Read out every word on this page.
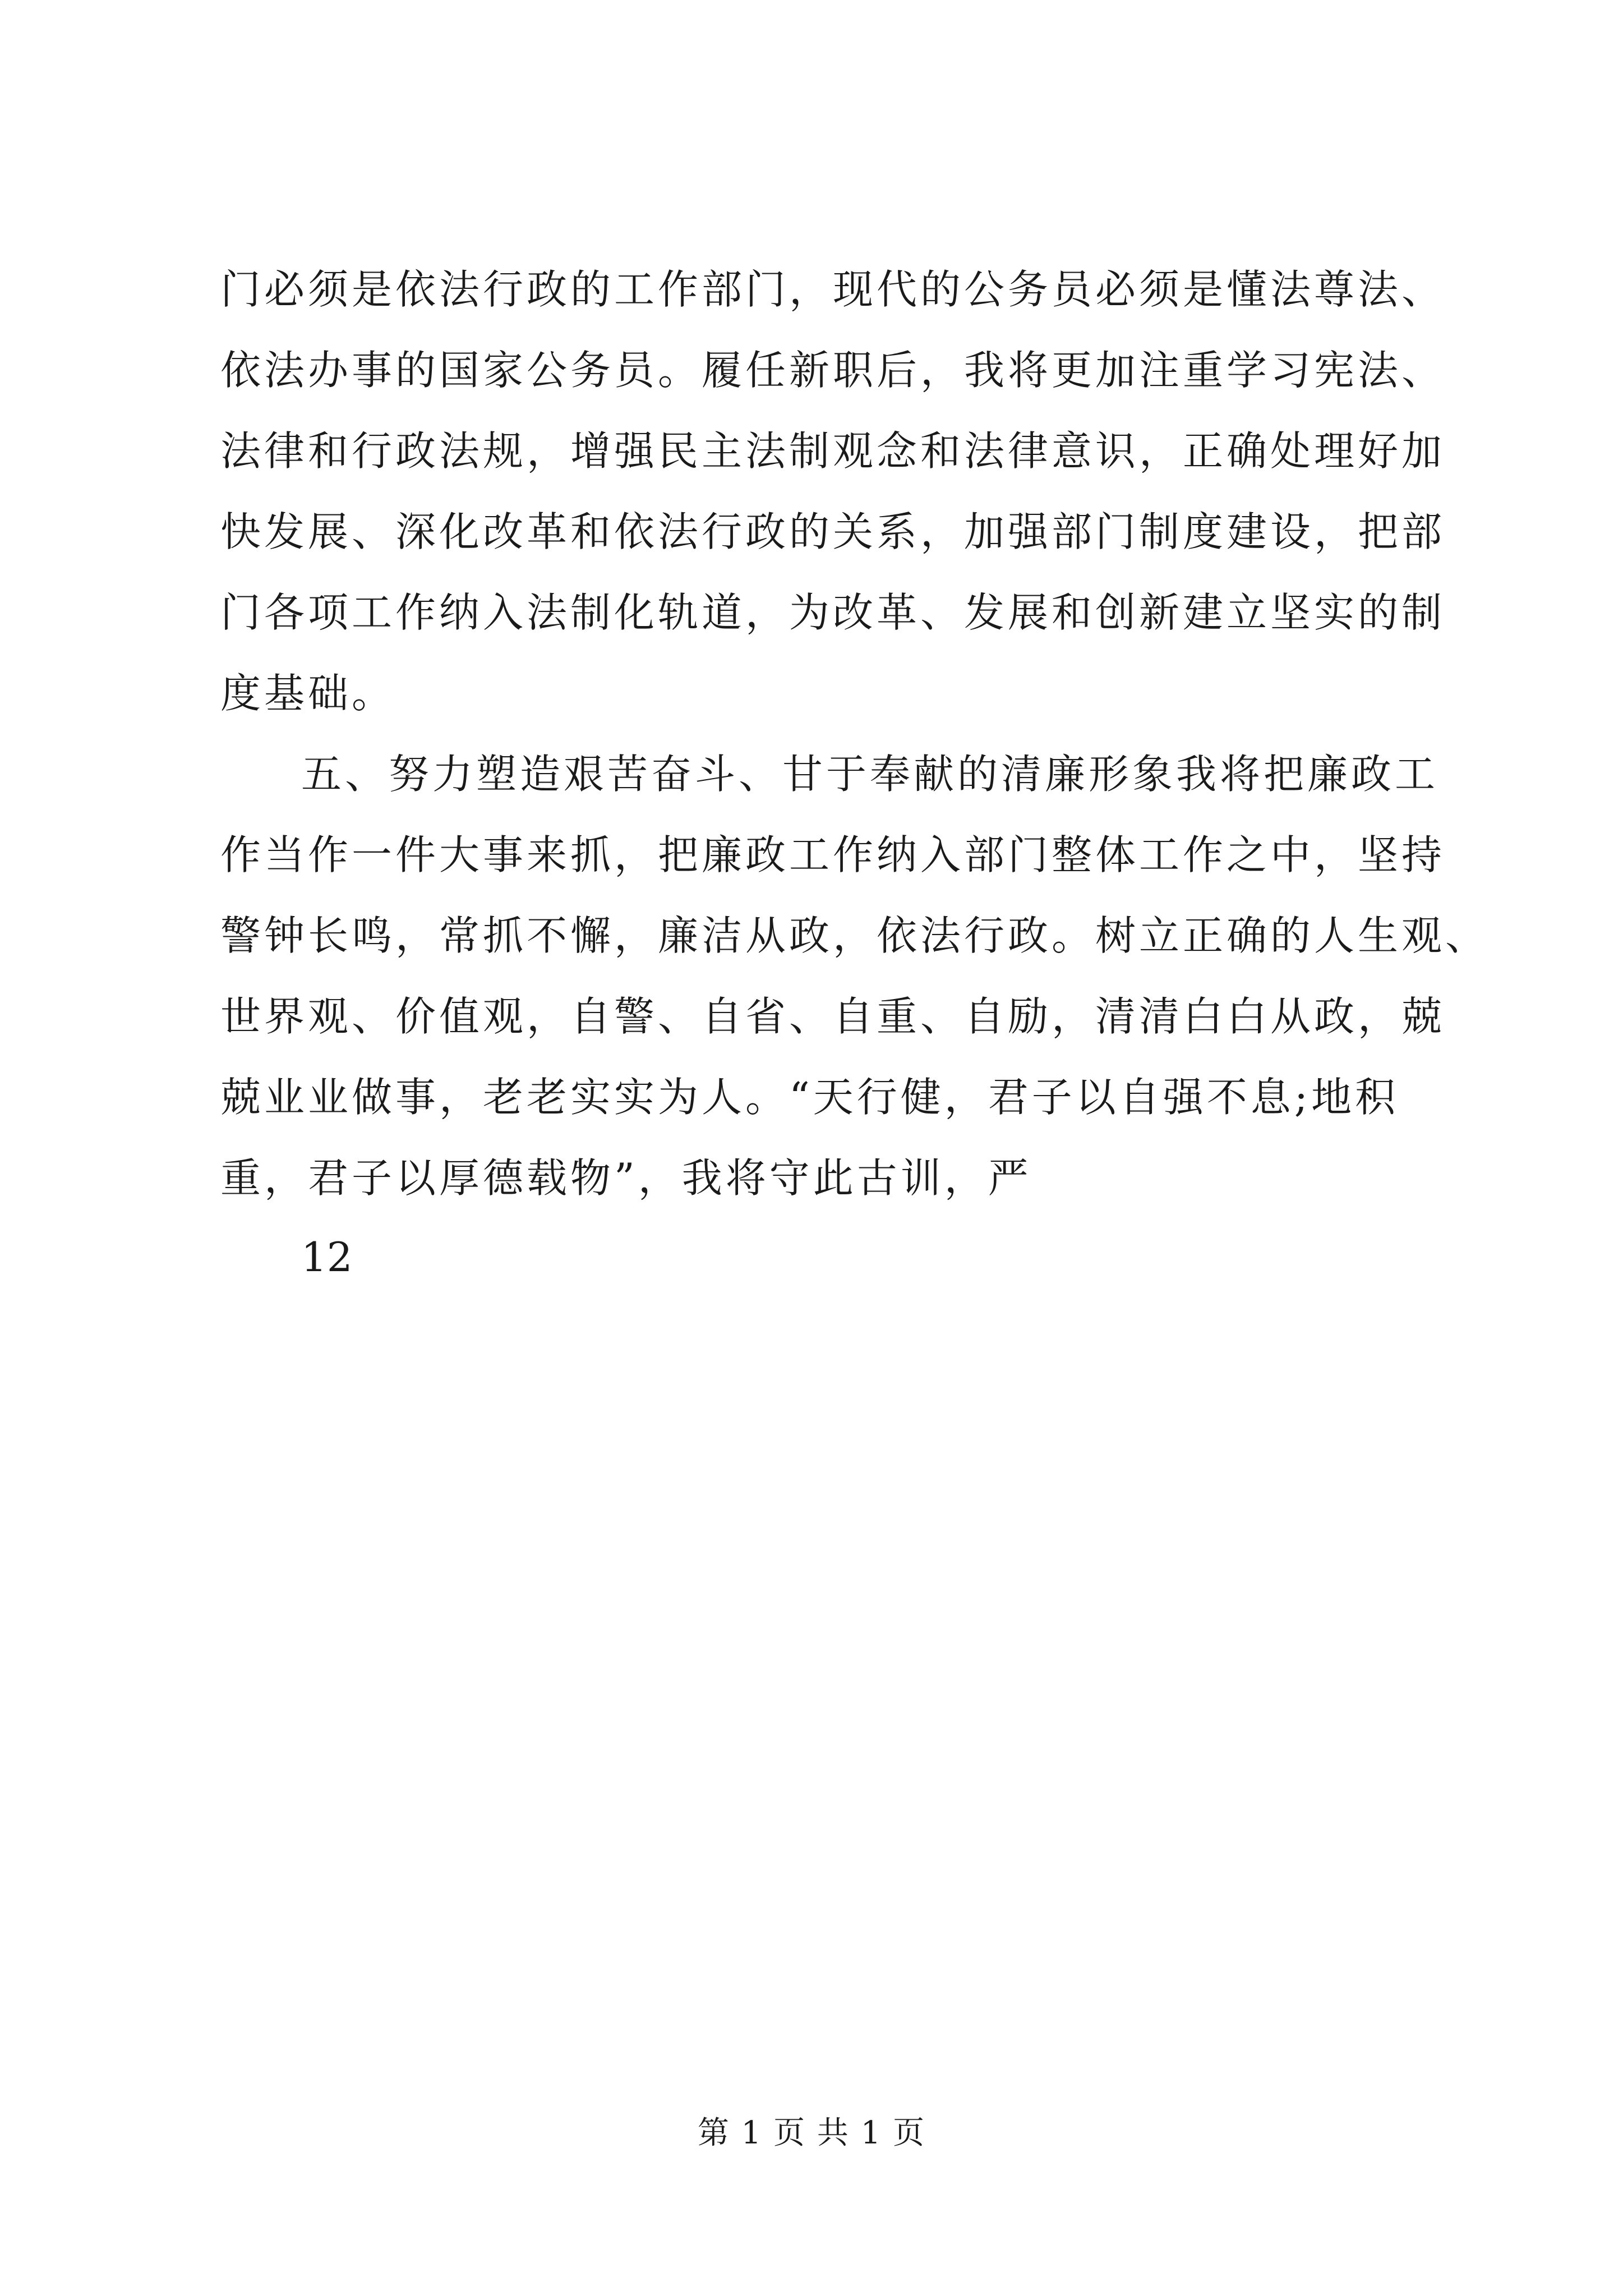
门必须是依法行政的工作部门，现代的公务员必须是懂法尊法、
依法办事的国家公务员。履任新职后，我将更加注重学习宪法、
法律和行政法规，增强民主法制观念和法律意识，正确处理好加
快发展、深化改革和依法行政的关系，加强部门制度建设，把部
门各项工作纳入法制化轨道，为改革、发展和创新建立坚实的制
度基础。
五、努力塑造艰苦奋斗、甘于奉献的清廉形象我将把廉政工
作当作一件大事来抓，把廉政工作纳入部门整体工作之中，坚持
警钟长鸣，常抓不懈，廉洁从政，依法行政。树立正确的人生观、
世界观、价值观，自警、自省、自重、自励，清清白白从政，兢
兢业业做事，老老实实为人。“天行健，君子以自强不息;地积
重，君子以厚德载物”，我将守此古训，严
12
第 1 页 共 1 页
